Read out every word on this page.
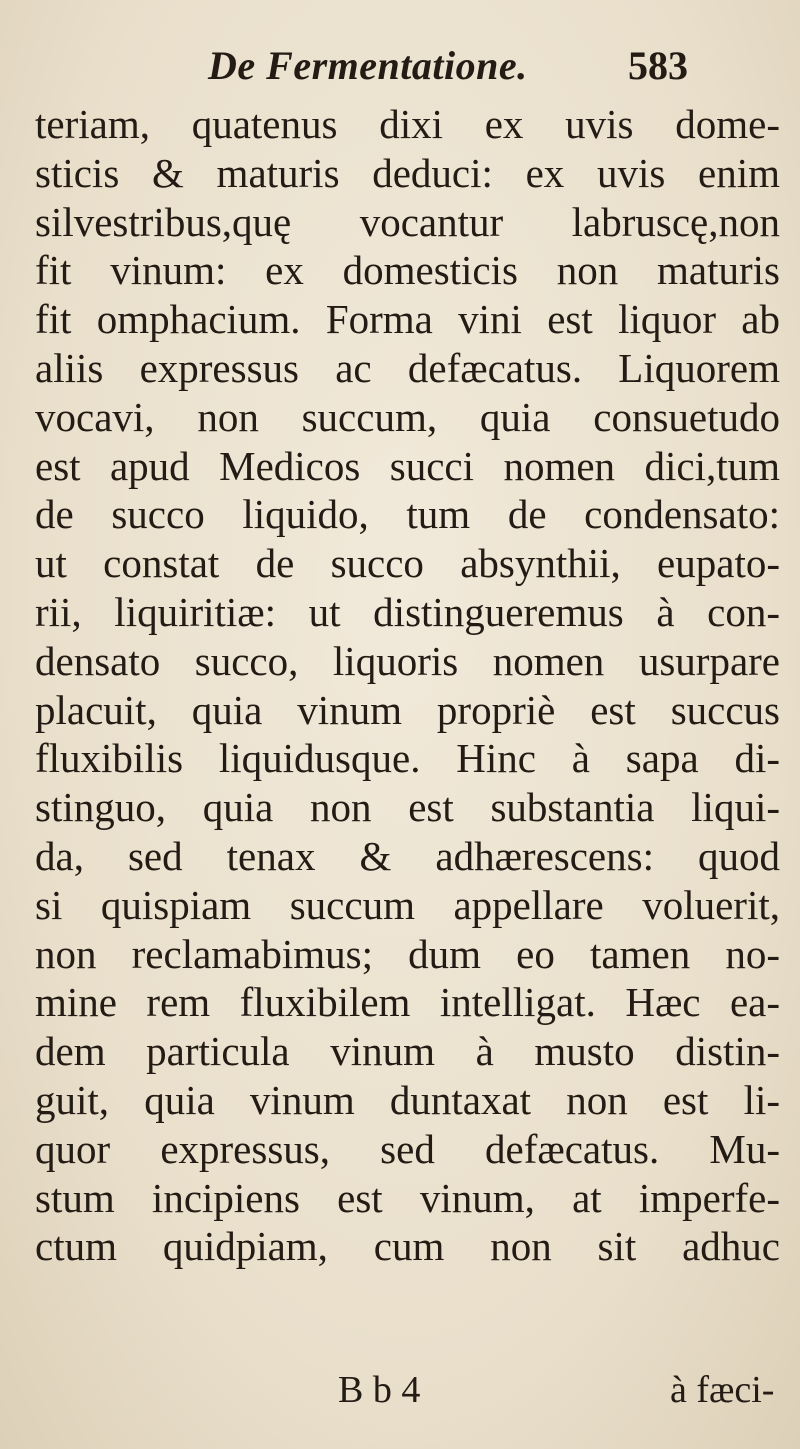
De Fermentatione.	583
teriam, quatenus dixi ex uvis dome-
sticis & maturis deduci: ex uvis enim
silvestribus,quę vocantur labruscę,non
fit vinum: ex domesticis non maturis
fit omphacium. Forma vini est liquor ab
aliis expressus ac defæcatus. Liquorem
vocavi, non succum, quia consuetudo
est apud Medicos succi nomen dici,tum
de succo liquido, tum de condensato:
ut constat de succo absynthii, eupato-
rii, liquiritiæ: ut distingueremus à con-
densato succo, liquoris nomen usurpare
placuit, quia vinum propriè est succus
fluxibilis liquidusque. Hinc à sapa di-
stinguo, quia non est substantia liqui-
da, sed tenax & adhærescens: quod
si quispiam succum appellare voluerit,
non reclamabimus; dum eo tamen no-
mine rem fluxibilem intelligat. Hæc ea-
dem particula vinum à musto distin-
guit, quia vinum duntaxat non est li-
quor expressus, sed defæcatus. Mu-
stum incipiens est vinum, at imperfe-
ctum quidpiam, cum non sit adhuc
B b 4	à fæci-
